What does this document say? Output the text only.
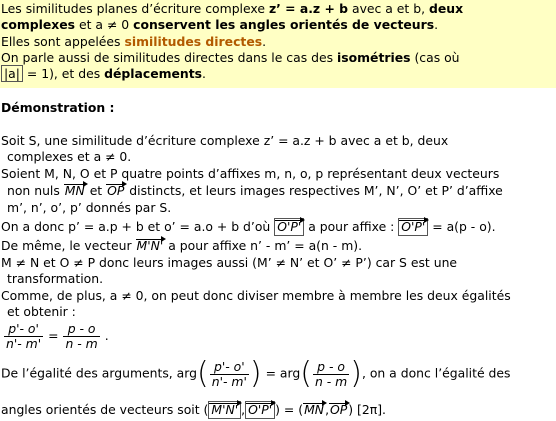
Les similitudes planes d’écriture complexe z’ = a.z + b avec a et b, deux
complexes et a ≠ 0 conservent les angles orientés de vecteurs.
Elles sont appelées similitudes directes.
On parle aussi de similitudes directes dans le cas des isométries (cas où
|a| = 1), et des déplacements.
Démonstration :
Soit S, une similitude d’écriture complexe z’ = a.z + b avec a et b, deux
complexes et a ≠ 0.
Soient M, N, O et P quatre points d’affixes m, n, o, p représentant deux vecteurs
non nuls MN et OP distincts, et leurs images respectives M’, N’, O’ et P’ d’affixe
m’, n’, o’, p’ donnés par S.
On a donc p’ = a.p + b et o’ = a.o + b d’où O'P' a pour affixe : O'P' = a(p - o).
De même, le vecteur M'N' a pour affixe n’ - m’ = a(n - m).
M ≠ N et O ≠ P donc leurs images aussi (M’ ≠ N’ et O’ ≠ P’) car S est une
transformation.
Comme, de plus, a ≠ 0, on peut donc diviser membre à membre les deux égalités
et obtenir :
$\frac{p'- o'}{n'- m'} = \frac{p - o}{n - m}$ .
De l’égalité des arguments, $arg( \frac{p'- o'}{n'- m'}$ ) = $arg( \frac{p - o}{n - m}$ ), on a donc l’égalité des
angles orientés de vecteurs soit ( M'N' , O'P' ) = (MN,OP) [2π].
